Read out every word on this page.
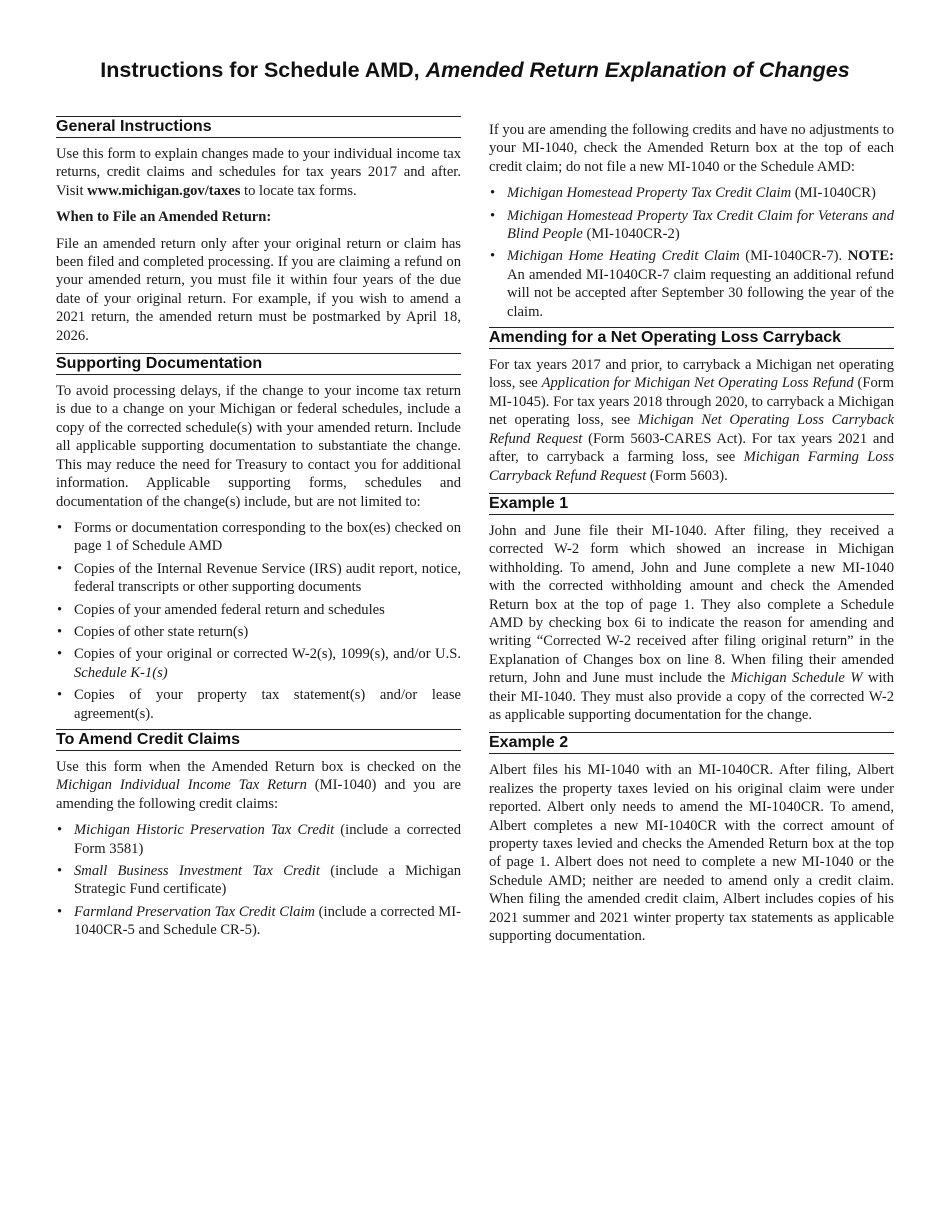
Instructions for Schedule AMD, Amended Return Explanation of Changes
General Instructions

Use this form to explain changes made to your individual income tax returns, credit claims and schedules for tax years 2017 and after. Visit www.michigan.gov/taxes to locate tax forms.

When to File an Amended Return:

File an amended return only after your original return or claim has been filed and completed processing. If you are claiming a refund on your amended return, you must file it within four years of the due date of your original return. For example, if you wish to amend a 2021 return, the amended return must be postmarked by April 18, 2026.

Supporting Documentation

To avoid processing delays, if the change to your income tax return is due to a change on your Michigan or federal schedules, include a copy of the corrected schedule(s) with your amended return. Include all applicable supporting documentation to substantiate the change. This may reduce the need for Treasury to contact you for additional information. Applicable supporting forms, schedules and documentation of the change(s) include, but are not limited to:

• Forms or documentation corresponding to the box(es) checked on page 1 of Schedule AMD
• Copies of the Internal Revenue Service (IRS) audit report, notice, federal transcripts or other supporting documents
• Copies of your amended federal return and schedules
• Copies of other state return(s)
• Copies of your original or corrected W-2(s), 1099(s), and/or U.S. Schedule K-1(s)
• Copies of your property tax statement(s) and/or lease agreement(s).
To Amend Credit Claims

Use this form when the Amended Return box is checked on the Michigan Individual Income Tax Return (MI-1040) and you are amending the following credit claims:

• Michigan Historic Preservation Tax Credit (include a corrected Form 3581)
• Small Business Investment Tax Credit (include a Michigan Strategic Fund certificate)
• Farmland Preservation Tax Credit Claim (include a corrected MI-1040CR-5 and Schedule CR-5).

If you are amending the following credits and have no adjustments to your MI-1040, check the Amended Return box at the top of each credit claim; do not file a new MI-1040 or the Schedule AMD:

• Michigan Homestead Property Tax Credit Claim (MI-1040CR)
• Michigan Homestead Property Tax Credit Claim for Veterans and Blind People (MI-1040CR-2)
• Michigan Home Heating Credit Claim (MI-1040CR-7). NOTE: An amended MI-1040CR-7 claim requesting an additional refund will not be accepted after September 30 following the year of the claim.
Amending for a Net Operating Loss Carryback

For tax years 2017 and prior, to carryback a Michigan net operating loss, see Application for Michigan Net Operating Loss Refund (Form MI-1045). For tax years 2018 through 2020, to carryback a Michigan net operating loss, see Michigan Net Operating Loss Carryback Refund Request (Form 5603-CARES Act). For tax years 2021 and after, to carryback a farming loss, see Michigan Farming Loss Carryback Refund Request (Form 5603).

Example 1

John and June file their MI-1040. After filing, they received a corrected W-2 form which showed an increase in Michigan withholding. To amend, John and June complete a new MI-1040 with the corrected withholding amount and check the Amended Return box at the top of page 1. They also complete a Schedule AMD by checking box 6i to indicate the reason for amending and writing “Corrected W-2 received after filing original return” in the Explanation of Changes box on line 8. When filing their amended return, John and June must include the Michigan Schedule W with their MI-1040. They must also provide a copy of the corrected W-2 as applicable supporting documentation for the change.

Example 2

Albert files his MI-1040 with an MI-1040CR. After filing, Albert realizes the property taxes levied on his original claim were under reported. Albert only needs to amend the MI-1040CR. To amend, Albert completes a new MI-1040CR with the correct amount of property taxes levied and checks the Amended Return box at the top of page 1. Albert does not need to complete a new MI-1040 or the Schedule AMD; neither are needed to amend only a credit claim. When filing the amended credit claim, Albert includes copies of his 2021 summer and 2021 winter property tax statements as applicable supporting documentation.
